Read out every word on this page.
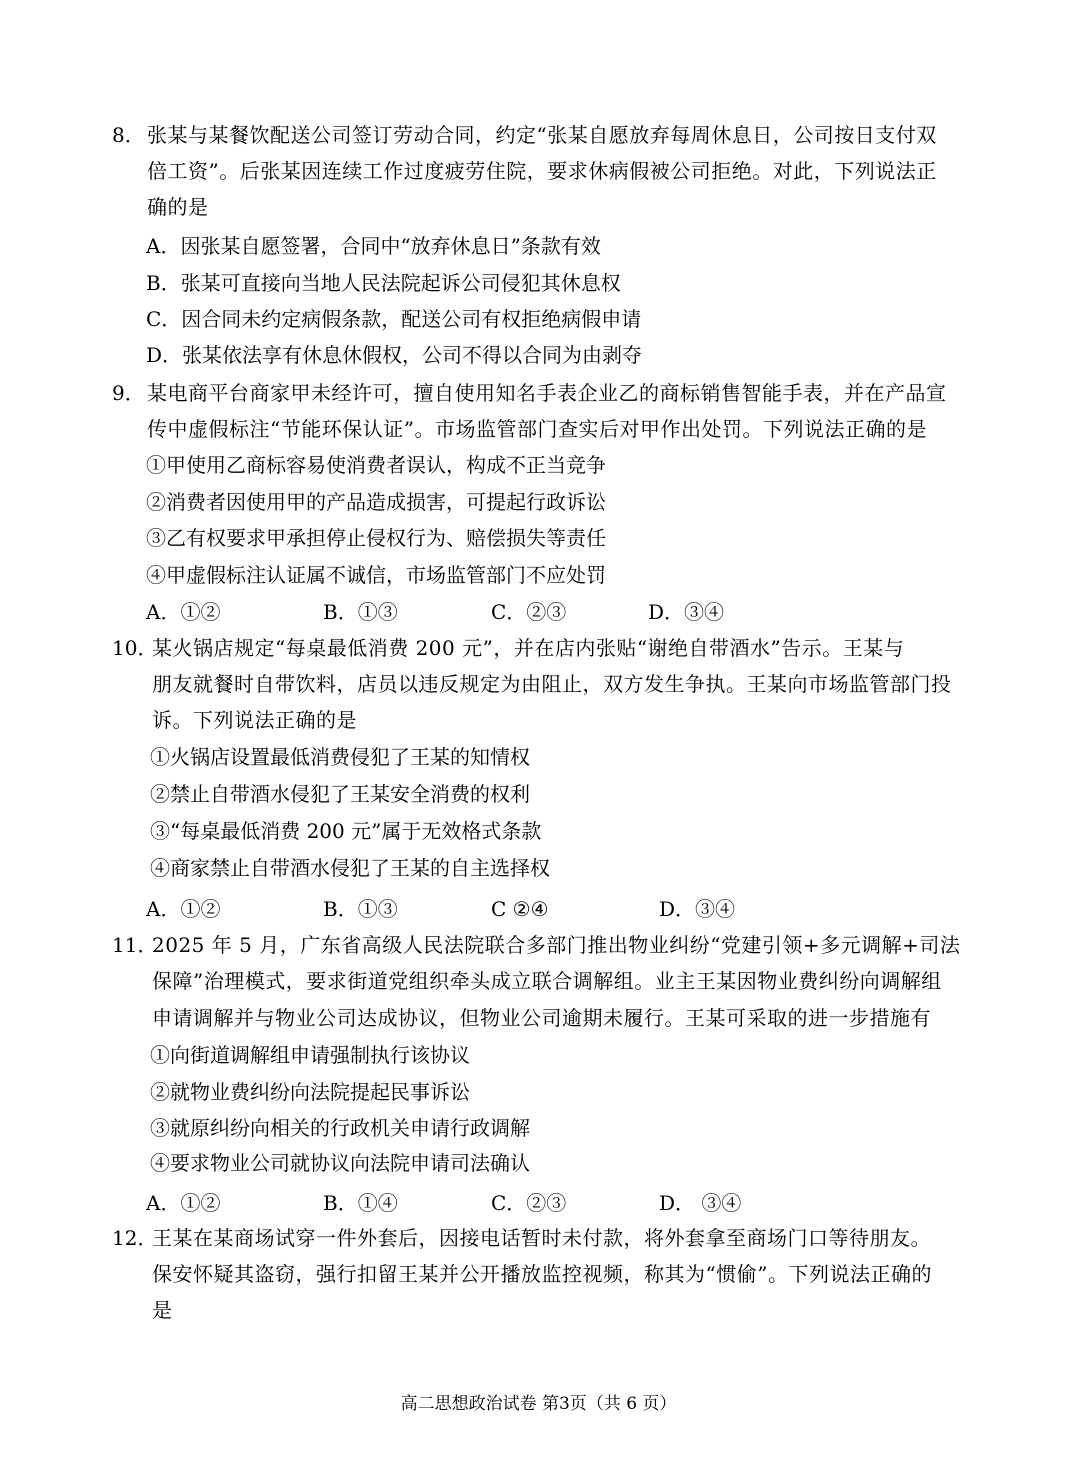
8． 张某与某餐饮配送公司签订劳动合同，约定“张某自愿放弃每周休息日，公司按日支付双
倍工资”。后张某因连续工作过度疲劳住院，要求休病假被公司拒绝。对此，下列说法正
确的是
A．因张某自愿签署，合同中“放弃休息日”条款有效
B．张某可直接向当地人民法院起诉公司侵犯其休息权
C．因合同未约定病假条款，配送公司有权拒绝病假申请
D．张某依法享有休息休假权，公司不得以合同为由剥夺
9． 某电商平台商家甲未经许可，擅自使用知名手表企业乙的商标销售智能手表，并在产品宣
传中虚假标注“节能环保认证”。市场监管部门查实后对甲作出处罚。下列说法正确的是
①甲使用乙商标容易使消费者误认，构成不正当竞争
②消费者因使用甲的产品造成损害，可提起行政诉讼
③乙有权要求甲承担停止侵权行为、赔偿损失等责任
④甲虚假标注认证属不诚信，市场监管部门不应处罚
A．①②	B．①③	C．②③	D．③④
10．
某火锅店规定“每桌最低消费 200 元”，并在店内张贴“谢绝自带酒水”告示。王某与
朋友就餐时自带饮料，店员以违反规定为由阻止，双方发生争执。王某向市场监管部门投
诉。下列说法正确的是
①火锅店设置最低消费侵犯了王某的知情权
②禁止自带酒水侵犯了王某安全消费的权利
③“每桌最低消费 200 元”属于无效格式条款
④商家禁止自带酒水侵犯了王某的自主选择权
A．①②	B．①③	C ②④	D．③④
11．
2025 年 5 月，广东省高级人民法院联合多部门推出物业纠纷“党建引领+多元调解+司法
保障”治理模式，要求街道党组织牵头成立联合调解组。业主王某因物业费纠纷向调解组
申请调解并与物业公司达成协议，但物业公司逾期未履行。王某可采取的进一步措施有
①向街道调解组申请强制执行该协议
②就物业费纠纷向法院提起民事诉讼
③就原纠纷向相关的行政机关申请行政调解
④要求物业公司就协议向法院申请司法确认
A．①②	B．①④	C．②③	D． ③④
12．
王某在某商场试穿一件外套后，因接电话暂时未付款，将外套拿至商场门口等待朋友。
保安怀疑其盗窃，强行扣留王某并公开播放监控视频，称其为“惯偷”。下列说法正确的
是
高二思想政治试卷 第3页（共 6 页）
